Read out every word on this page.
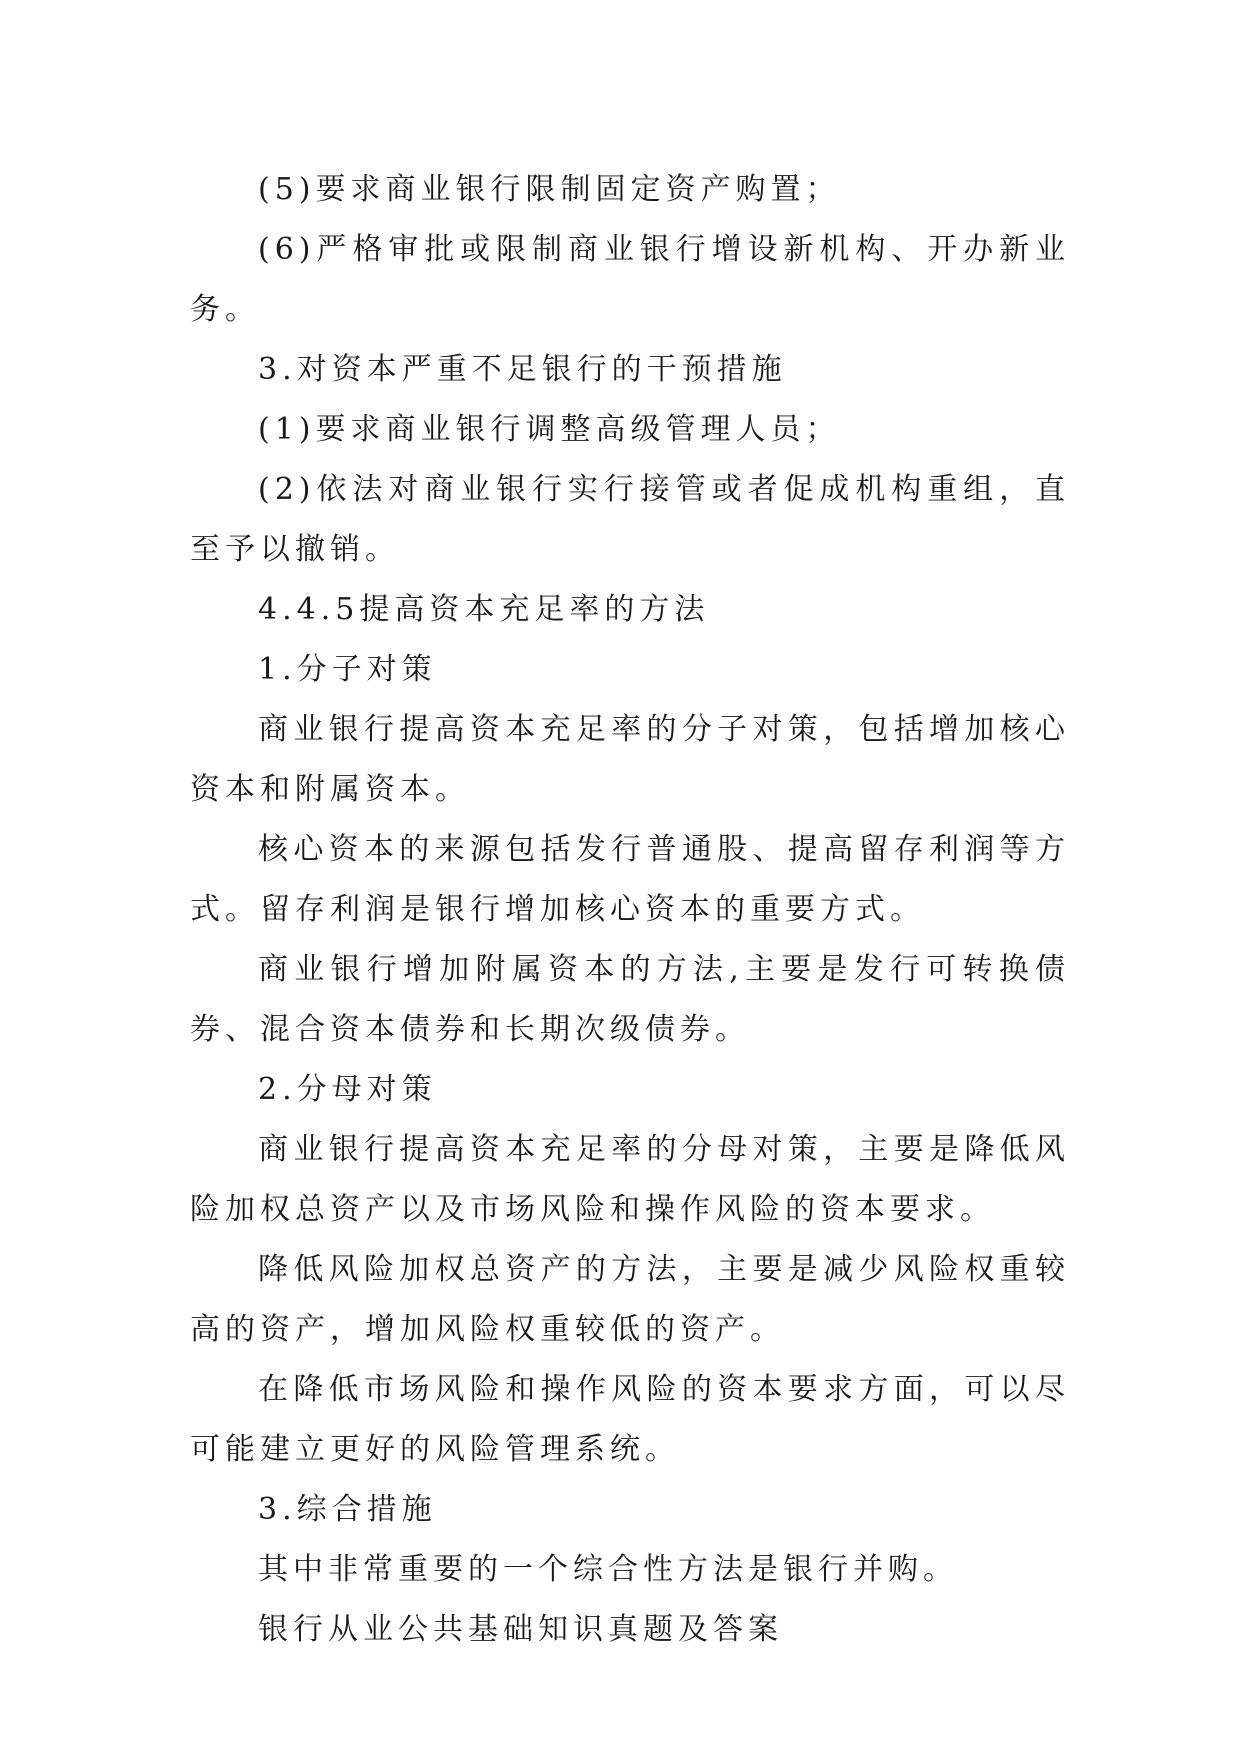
(5)要求商业银行限制固定资产购置；

(6)严格审批或限制商业银行增设新机构、开办新业务。

3.对资本严重不足银行的干预措施

(1)要求商业银行调整高级管理人员；

(2)依法对商业银行实行接管或者促成机构重组，直至予以撤销。

4.4.5提高资本充足率的方法

1.分子对策

商业银行提高资本充足率的分子对策，包括增加核心资本和附属资本。

核心资本的来源包括发行普通股、提高留存利润等方式。留存利润是银行增加核心资本的重要方式。

商业银行增加附属资本的方法,主要是发行可转换债券、混合资本债券和长期次级债券。

2.分母对策

商业银行提高资本充足率的分母对策，主要是降低风险加权总资产以及市场风险和操作风险的资本要求。

降低风险加权总资产的方法，主要是减少风险权重较高的资产，增加风险权重较低的资产。

在降低市场风险和操作风险的资本要求方面，可以尽可能建立更好的风险管理系统。

3.综合措施

其中非常重要的一个综合性方法是银行并购。

银行从业公共基础知识真题及答案
